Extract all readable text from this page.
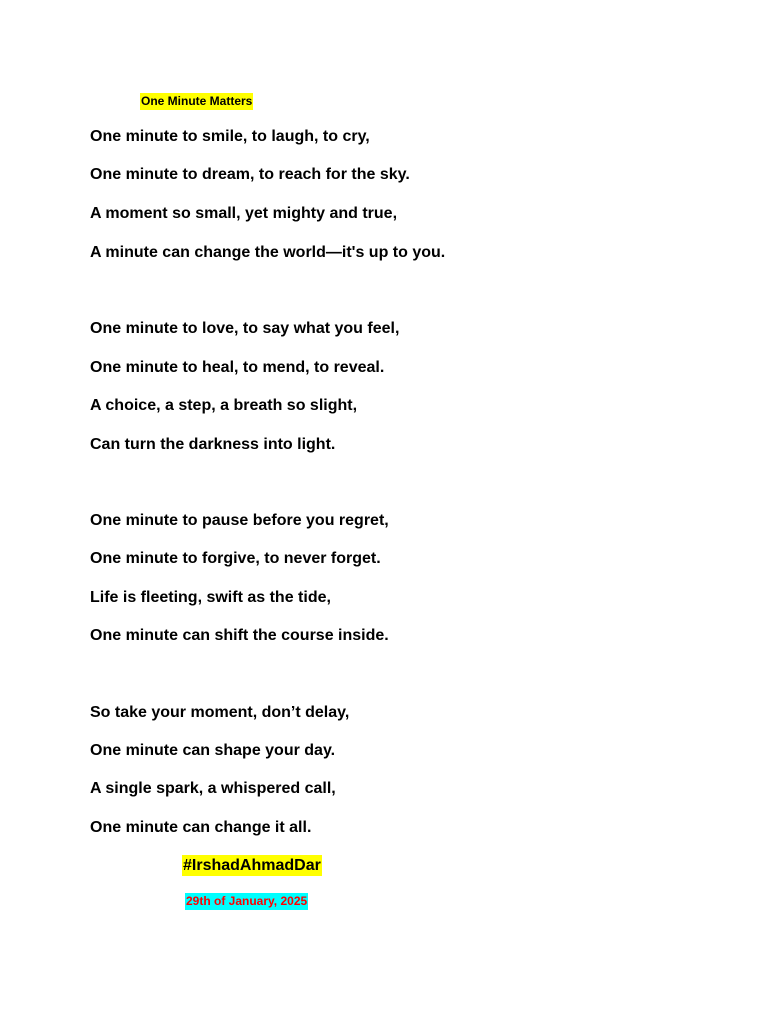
One Minute Matters
One minute to smile, to laugh, to cry,
One minute to dream, to reach for the sky.
A moment so small, yet mighty and true,
A minute can change the world—it's up to you.
One minute to love, to say what you feel,
One minute to heal, to mend, to reveal.
A choice, a step, a breath so slight,
Can turn the darkness into light.
One minute to pause before you regret,
One minute to forgive, to never forget.
Life is fleeting, swift as the tide,
One minute can shift the course inside.
So take your moment, don’t delay,
One minute can shape your day.
A single spark, a whispered call,
One minute can change it all.
#IrshadAhmadDar
29th of January, 2025
